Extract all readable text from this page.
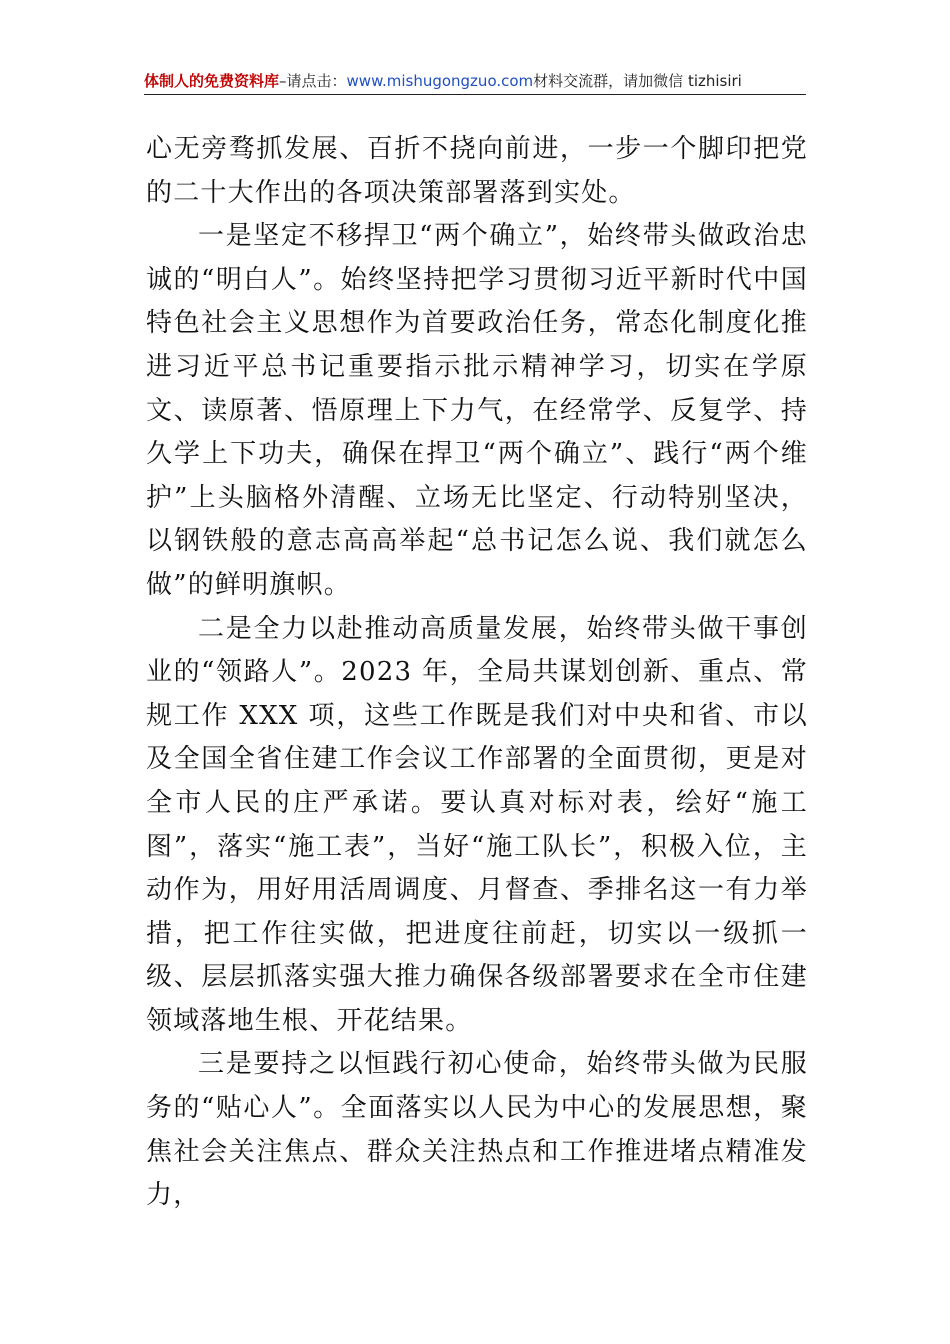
体制人的免费资料库–请点击：www.mishugongzuo.com材料交流群，请加微信 tizhisiri

心无旁骛抓发展、百折不挠向前进，一步一个脚印把党的二十大作出的各项决策部署落到实处。

一是坚定不移捍卫“两个确立”，始终带头做政治忠诚的“明白人”。始终坚持把学习贯彻习近平新时代中国特色社会主义思想作为首要政治任务，常态化制度化推进习近平总书记重要指示批示精神学习，切实在学原文、读原著、悟原理上下力气，在经常学、反复学、持久学上下功夫，确保在捍卫“两个确立”、践行“两个维护”上头脑格外清醒、立场无比坚定、行动特别坚决，以钢铁般的意志高高举起“总书记怎么说、我们就怎么做”的鲜明旗帜。

二是全力以赴推动高质量发展，始终带头做干事创业的“领路人”。2023 年，全局共谋划创新、重点、常规工作 XXX 项，这些工作既是我们对中央和省、市以及全国全省住建工作会议工作部署的全面贯彻，更是对全市人民的庄严承诺。要认真对标对表，绘好“施工图”，落实“施工表”，当好“施工队长”，积极入位，主动作为，用好用活周调度、月督查、季排名这一有力举措，把工作往实做，把进度往前赶，切实以一级抓一级、层层抓落实强大推力确保各级部署要求在全市住建领域落地生根、开花结果。

三是要持之以恒践行初心使命，始终带头做为民服务的“贴心人”。全面落实以人民为中心的发展思想，聚焦社会关注焦点、群众关注热点和工作推进堵点精准发力，
